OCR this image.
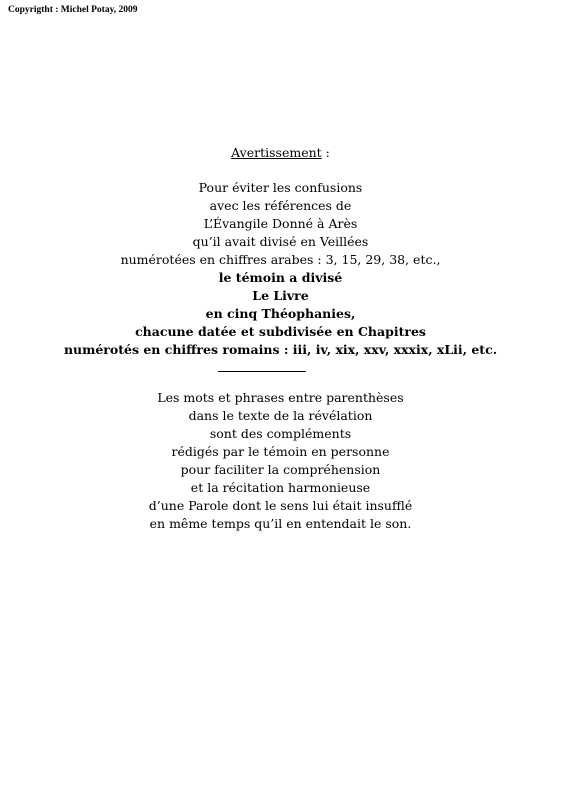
Copyrigtht : Michel Potay, 2009
Avertissement :
Pour éviter les confusions
avec les références de
L’Évangile Donné à Arès
qu’il avait divisé en Veillées
numérotées en chiffres arabes : 3, 15, 29, 38, etc.,
le témoin a divisé
Le Livre
en cinq Théophanies,
chacune datée et subdivisée en Chapitres
numérotés en chiffres romains : iii, iv, xix, xxv, xxxix, xLii, etc.
Les mots et phrases entre parenthèses
dans le texte de la révélation
sont des compléments
rédigés par le témoin en personne
pour faciliter la compréhension
et la récitation harmonieuse
d’une Parole dont le sens lui était insufflé
en même temps qu’il en entendait le son.
